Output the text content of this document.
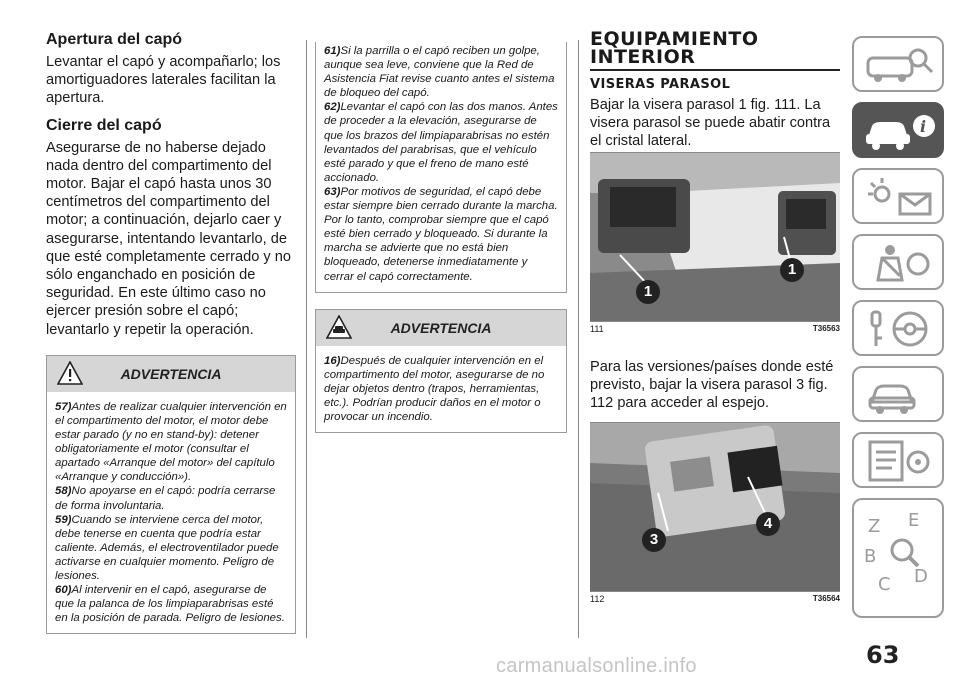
Apertura del capó

Levantar el capó y acompañarlo; los amortiguadores laterales facilitan la apertura.

Cierre del capó

Asegurarse de no haberse dejado nada dentro del compartimento del motor. Bajar el capó hasta unos 30 centímetros del compartimento del motor; a continuación, dejarlo caer y asegurarse, intentando levantarlo, de que esté completamente cerrado y no sólo enganchado en posición de seguridad. En este último caso no ejercer presión sobre el capó; levantarlo y repetir la operación.

ADVERTENCIA

57)Antes de realizar cualquier intervención en el compartimento del motor, el motor debe estar parado (y no en stand-by): detener obligatoriamente el motor (consultar el apartado «Arranque del motor» del capítulo «Arranque y conducción»).

58)No apoyarse en el capó: podría cerrarse de forma involuntaria.

59)Cuando se interviene cerca del motor, debe tenerse en cuenta que podría estar caliente. Además, el electroventilador puede activarse en cualquier momento. Peligro de lesiones.

60)Al intervenir en el capó, asegurarse de que la palanca de los limpiaparabrisas esté en la posición de parada. Peligro de lesiones.

61)Si la parrilla o el capó reciben un golpe, aunque sea leve, conviene que la Red de Asistencia Fiat revise cuanto antes el sistema de bloqueo del capó.

62)Levantar el capó con las dos manos. Antes de proceder a la elevación, asegurarse de que los brazos del limpiaparabrisas no estén levantados del parabrisas, que el vehículo esté parado y que el freno de mano esté accionado.

63)Por motivos de seguridad, el capó debe estar siempre bien cerrado durante la marcha. Por lo tanto, comprobar siempre que el capó esté bien cerrado y bloqueado. Si durante la marcha se advierte que no está bien bloqueado, detenerse inmediatamente y cerrar el capó correctamente.

ADVERTENCIA

16)Después de cualquier intervención en el compartimento del motor, asegurarse de no dejar objetos dentro (trapos, herramientas, etc.). Podrían producir daños en el motor o provocar un incendio.

EQUIPAMIENTO
INTERIOR
VISERAS PARASOL

Bajar la visera parasol 1 fig. 111. La visera parasol se puede abatir contra el cristal lateral.

111	T36563
1
1

Para las versiones/países donde esté previsto, bajar la visera parasol 3 fig. 112 para acceder al espejo.

112	T36564
3
4
i
Z E
B
C D
63
carmanualsonline.info
